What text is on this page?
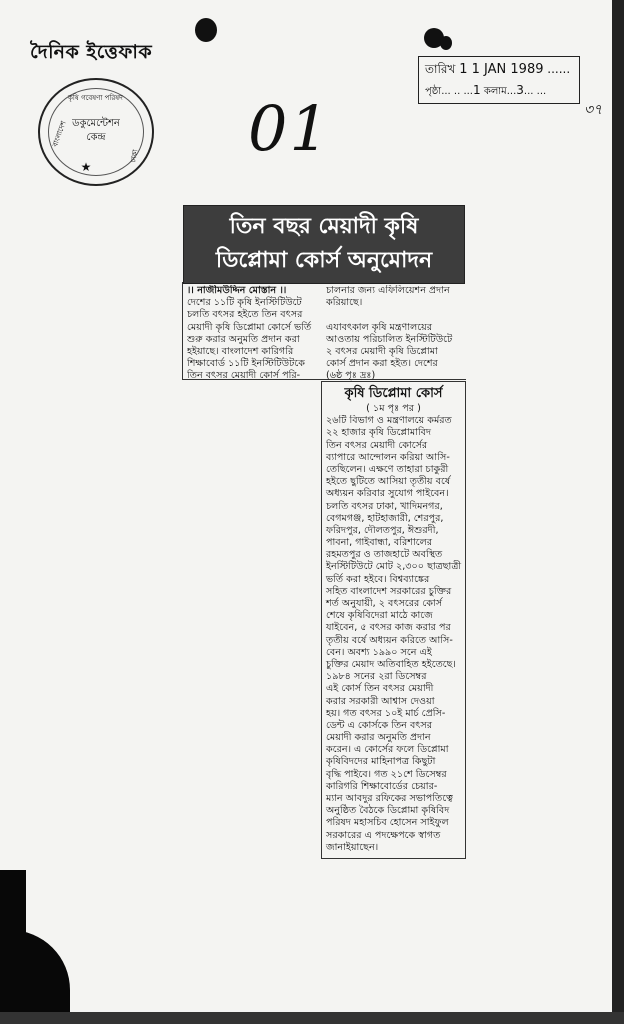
দৈনিক ইত্তেফাক
কৃষি গবেষণা পরিষদ
বাংলাদেশ
ঢাকা
ডকুমেন্টেশন
কেন্দ্র
★
01
তারিখ 1 1 JAN 1989 ......
পৃষ্ঠা... .. ...1 কলাম...3... ...
৩৭
তিন বছর মেয়াদী কৃষি
ডিপ্লোমা কোর্স অনুমোদন
।। নাজীমউদ্দিন মোস্তান ।।
দেশের ১১টি কৃষি ইনস্টিটিউটে
চলতি বৎসর হইতে তিন বৎসর
মেয়াদী কৃষি ডিপ্লোমা কোর্সে ভর্তি
শুরু করার অনুমতি প্রদান করা
হইয়াছে। বাংলাদেশ কারিগরি
শিক্ষাবোর্ড ১১টি ইনস্টিটিউটকে
তিন বৎসর মেয়াদী কোর্স পরি-
চালনার জন্য এফিলিয়েশন প্রদান
করিয়াছে।
এযাবৎকাল কৃষি মন্ত্রণালয়ের
আওতায় পরিচালিত ইনস্টিটিউটে
২ বৎসর মেয়াদী কৃষি ডিপ্লোমা
কোর্স প্রদান করা হইত। দেশের
(৬ষ্ঠ পৃঃ দ্রঃ)
কৃষি ডিপ্লোমা কোর্স
( ১ম পৃঃ পর )
২৬টি বিভাগ ও মন্ত্রণালয়ে কর্মরত
২২ হাজার কৃষি ডিপ্লোমাবিদ
তিন বৎসর মেয়াদী কোর্সের
ব্যাপারে আন্দোলন করিয়া আসি-
তেছিলেন। এক্ষণে তাহারা চাকুরী
হইতে ছুটিতে আসিয়া তৃতীয় বর্ষে
অধ্যয়ন করিবার সুযোগ পাইবেন।
চলতি বৎসর ঢাকা, খাদিমনগর,
বেগমগঞ্জ, হাটহাজারী, শেরপুর,
ফরিদপুর, দৌলতপুর, ঈশুরদী,
পাবনা, গাইবান্ধা, বরিশালের
রহমতপুর ও তাজহাটে অবস্থিত
ইনস্টিটিউটে মোট ২,৩০০ ছাত্রছাত্রী
ভর্তি করা হইবে। বিশ্বব্যাঙ্কের
সহিত বাংলাদেশ সরকারের চুক্তির
শর্ত অনুযায়ী, ২ বৎসরের কোর্স
শেষে কৃষিবিদেরা মাঠে কাজে
যাইবেন, ৫ বৎসর কাজ করার পর
তৃতীয় বর্ষে অধ্যয়ন করিতে আসি-
বেন। অবশ্য ১৯৯০ সনে এই
চুক্তির মেয়াদ অতিবাহিত হইতেছে।
১৯৮৪ সনের ২রা ডিসেম্বর
এই কোর্স তিন বৎসর মেয়াদী
করার সরকারী আশ্বাস দেওয়া
হয়। গত বৎসর ১০ই মার্চ প্রেসি-
ডেন্ট এ কোর্সকে তিন বৎসর
মেয়াদী করার অনুমতি প্রদান
করেন। এ কোর্সের ফলে ডিপ্লোমা
কৃষিবিদদের মাহিনাপত্র কিছুটা
বৃদ্ধি পাইবে। গত ২১শে ডিসেম্বর
কারিগরি শিক্ষাবোর্ডের চেয়ার-
ম্যান আবদুর রফিকের সভাপতিত্বে
অনুষ্ঠিত বৈঠকে ডিপ্লোমা কৃষিবিদ
পরিষদ মহাসচিব হোসেন সাইফুল
সরকারের এ পদক্ষেপকে স্বাগত
জানাইয়াছেন।
